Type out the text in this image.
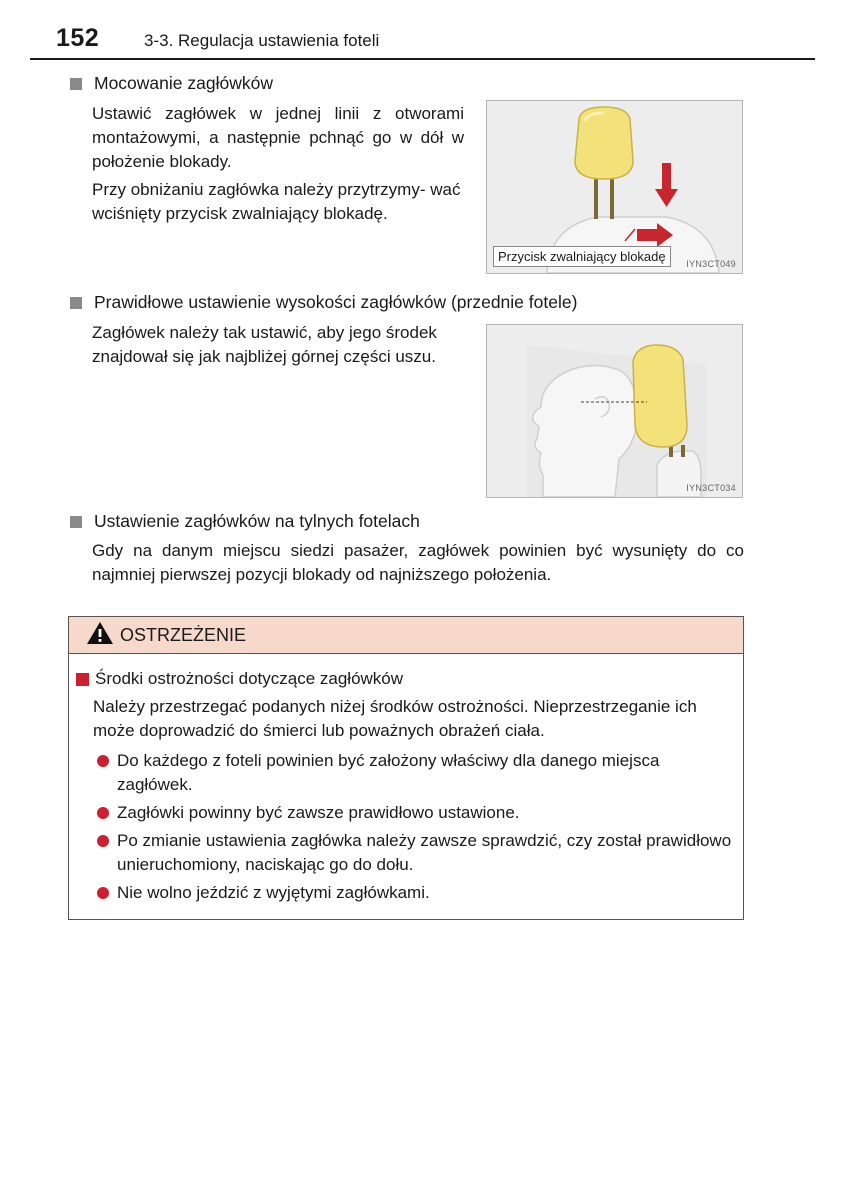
152	3-3. Regulacja ustawienia foteli
Mocowanie zagłówków

Ustawić zagłówek w jednej linii z otworami montażowymi, a następnie pchnąć go w dół w położenie blokady.

Przy obniżaniu zagłówka należy przytrzymy- wać wciśnięty przycisk zwalniający blokadę.

Przycisk zwalniający blokadę	IYN3CT049
Prawidłowe ustawienie wysokości zagłówków (przednie fotele)

Zagłówek należy tak ustawić, aby jego środek znajdował się jak najbliżej górnej części uszu.

IYN3CT034
Ustawienie zagłówków na tylnych fotelach

Gdy na danym miejscu siedzi pasażer, zagłówek powinien być wysunięty do co najmniej pierwszej pozycji blokady od najniższego położenia.

OSTRZEŻENIE
Środki ostrożności dotyczące zagłówków

Należy przestrzegać podanych niżej środków ostrożności. Nieprzestrzeganie ich może doprowadzić do śmierci lub poważnych obrażeń ciała.

Do każdego z foteli powinien być założony właściwy dla danego miejsca zagłówek.
Zagłówki powinny być zawsze prawidłowo ustawione.
Po zmianie ustawienia zagłówka należy zawsze sprawdzić, czy został prawidłowo unieruchomiony, naciskając go do dołu.
Nie wolno jeździć z wyjętymi zagłówkami.
